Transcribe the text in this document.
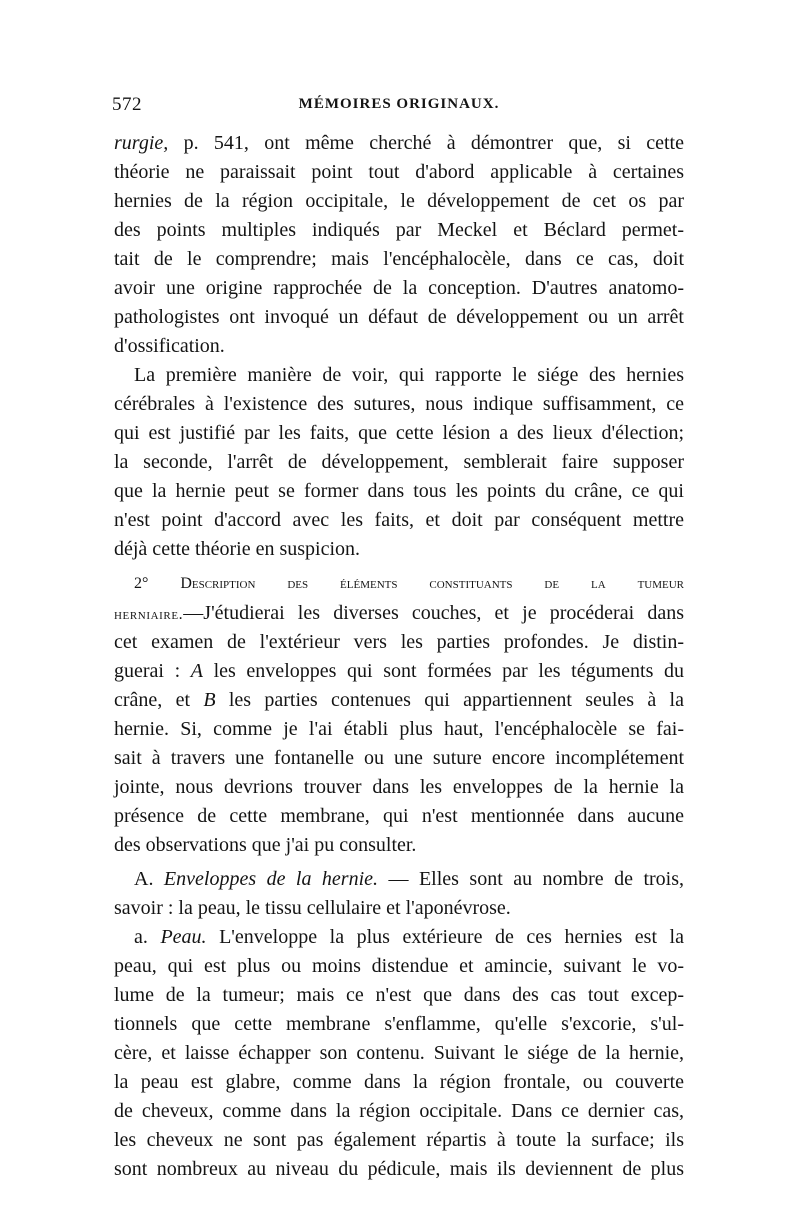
572	MÉMOIRES ORIGINAUX.
rurgie, p. 541, ont même cherché à démontrer que, si cette
théorie ne paraissait point tout d'abord applicable à certaines
hernies de la région occipitale, le développement de cet os par
des points multiples indiqués par Meckel et Béclard permet-
tait de le comprendre; mais l'encéphalocèle, dans ce cas, doit
avoir une origine rapprochée de la conception. D'autres anatomo-
pathologistes ont invoqué un défaut de développement ou un arrêt
d'ossification.
La première manière de voir, qui rapporte le siége des hernies
cérébrales à l'existence des sutures, nous indique suffisamment, ce
qui est justifié par les faits, que cette lésion a des lieux d'élection;
la seconde, l'arrêt de développement, semblerait faire supposer
que la hernie peut se former dans tous les points du crâne, ce qui
n'est point d'accord avec les faits, et doit par conséquent mettre
déjà cette théorie en suspicion.
2° Description des éléments constituants de la tumeur
herniaire.—J'étudierai les diverses couches, et je procéderai dans
cet examen de l'extérieur vers les parties profondes. Je distin-
guerai : A les enveloppes qui sont formées par les téguments du
crâne, et B les parties contenues qui appartiennent seules à la
hernie. Si, comme je l'ai établi plus haut, l'encéphalocèle se fai-
sait à travers une fontanelle ou une suture encore incomplétement
jointe, nous devrions trouver dans les enveloppes de la hernie la
présence de cette membrane, qui n'est mentionnée dans aucune
des observations que j'ai pu consulter.
A. Enveloppes de la hernie. — Elles sont au nombre de trois,
savoir : la peau, le tissu cellulaire et l'aponévrose.
a. Peau. L'enveloppe la plus extérieure de ces hernies est la
peau, qui est plus ou moins distendue et amincie, suivant le vo-
lume de la tumeur; mais ce n'est que dans des cas tout excep-
tionnels que cette membrane s'enflamme, qu'elle s'excorie, s'ul-
cère, et laisse échapper son contenu. Suivant le siége de la hernie,
la peau est glabre, comme dans la région frontale, ou couverte
de cheveux, comme dans la région occipitale. Dans ce dernier cas,
les cheveux ne sont pas également répartis à toute la surface; ils
sont nombreux au niveau du pédicule, mais ils deviennent de plus
